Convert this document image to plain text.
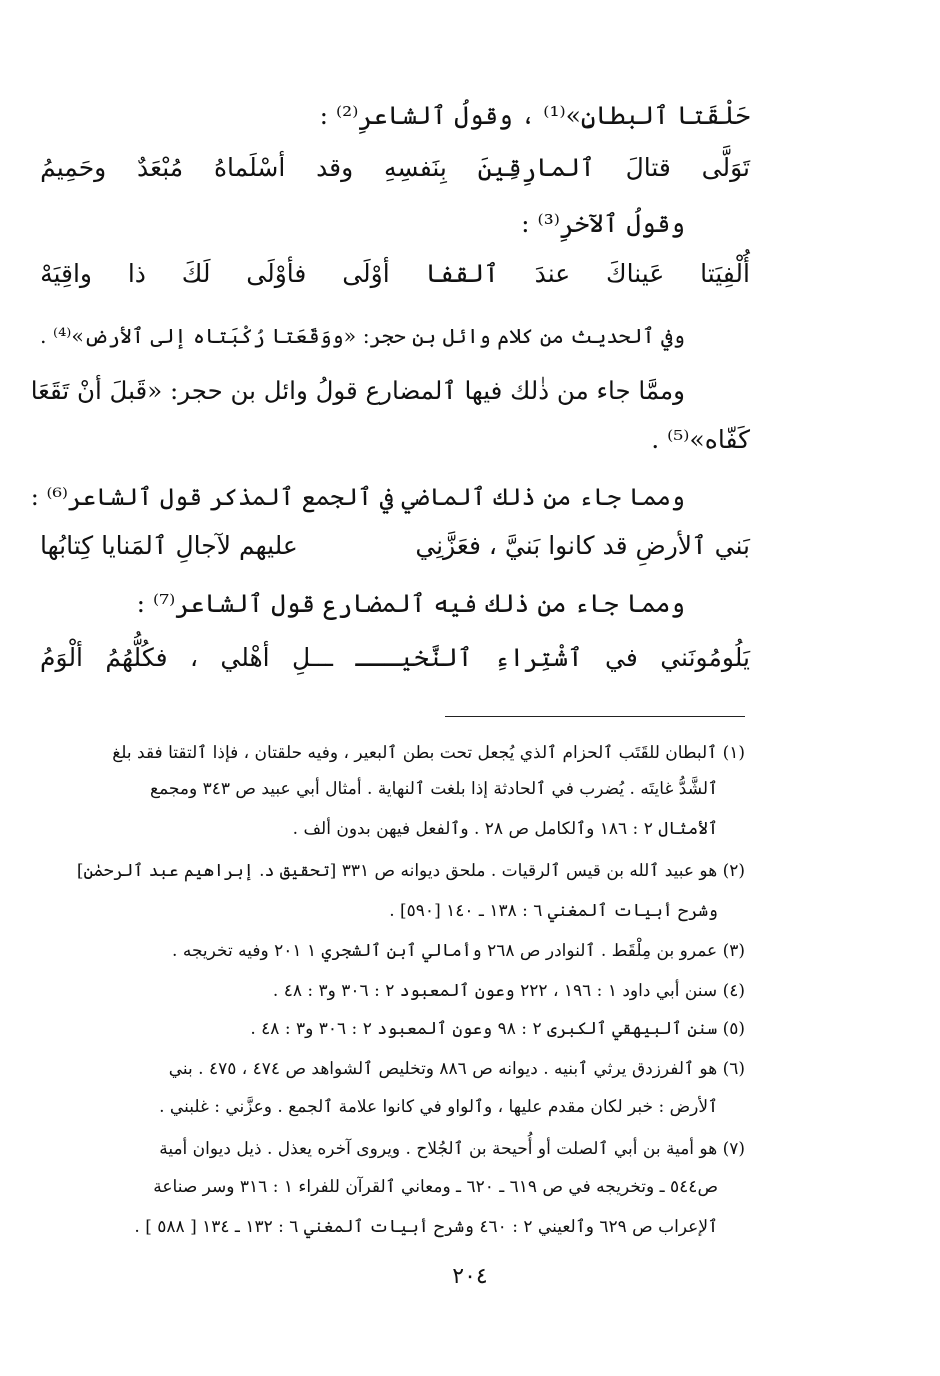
حَلْقَتا ٱلبطانِ»⁽¹⁾ ، وقولُ ٱلشاعرِ⁽²⁾ :
تَوَلَّى
قتالَ
ٱلمارِقِينَ
بِنَفسِهِ
وقد
أسْلَماهُ
مُبْعَدٌ
وحَمِيمُ
وقولُ ٱلآخرِ⁽³⁾ :
أُلْفِيَتا
عَيناكَ
عندَ
ٱلقفا
أوْلَى
فأوْلَى
لَكَ
ذا
واقِيَهْ
وفي ٱلحديث من كلام وائل بن حجر: «ووَقَعَتا رُكْبَتاه إلى ٱلأرض»⁽⁴⁾ .
وممَّا جاء من ذٰلك فيها ٱلمضارع قولُ وائل بن حجر: «قَبلَ أنْ تَقَعَا
كَفّاه»⁽⁵⁾ .
ومما جاء من ذٰلك ٱلماضي في ٱلجمع ٱلمذكر قول ٱلشاعر⁽⁶⁾ :
بَني ٱلأرضِ قد كانوا بَنيَّ ، فعَزَّنِي
عليهم لآجالِ ٱلمَنايا كِتابُها
ومما جاء من ذٰلك فيه ٱلمضارع قول ٱلشاعر⁽⁷⁾ :
يَلُومُونَني
في
ٱشْتِراءِ
ٱلنَّخيـــ
ـــلِ
أهْلي
،
فكُلُّهُمُ
ألْوَمُ
(١) ٱلبطان للقَتَب ٱلحزام ٱلذي يُجعل تحت بطن ٱلبعير ، وفيه حلقتان ، فإذا ٱلتقتا فقد بلغ
ٱلشَّدُّ غايتَه . يُضرب في ٱلحادثة إذا بلغت ٱلنهاية . أمثال أبي عبيد ص ٣٤٣ ومجمع
ٱلأمثال ٢ : ١٨٦ وٱلكامل ص ٢٨ . وٱلفعل فيهن بدون ألف .
(٢) هو عبيد ٱلله بن قيس ٱلرقيات . ملحق ديوانه ص ٣٣١ [تحقيق د. إبراهيم عبد ٱلرحمٰن]
وشرح أبيات ٱلمغني ٦ : ١٣٨ ـ ١٤٠ [٥٩٠] .
(٣) عمرو بن مِلْقَط . ٱلنوادر ص ٢٦٨ وأمالي ٱبن ٱلشجري ١ ٢٠١ وفيه تخريجه .
(٤) سنن أبي داود ١ : ١٩٦ ، ٢٢٢ وعون ٱلمعبود ٢ : ٣٠٦ و٣ : ٤٨ .
(٥) سنن ٱلبيهقي ٱلكبرى ٢ : ٩٨ وعون ٱلمعبود ٢ : ٣٠٦ و٣ : ٤٨ .
(٦) هو ٱلفرزدق يرثي ٱبنيه . ديوانه ص ٨٨٦ وتخليص ٱلشواهد ص ٤٧٤ ، ٤٧٥ . بني
ٱلأرض : خبر لكان مقدم عليها ، وٱلواو في كانوا علامة ٱلجمع . وعزَّني : غلبني .
(٧) هو أمية بن أبي ٱلصلت أو أُحيحة بن ٱلجُلاح . ويروى آخره يعذل . ذيل ديوان أمية
ص٥٤٤ ـ وتخريجه في ص ٦١٩ ـ ٦٢٠ ـ ومعاني ٱلقرآن للفراء ١ : ٣١٦ وسر صناعة
ٱلإعراب ص ٦٢٩ وٱلعيني ٢ : ٤٦٠ وشرح أبيات ٱلمغني ٦ : ١٣٢ ـ ١٣٤ [ ٥٨٨ ] .
٢٠٤
